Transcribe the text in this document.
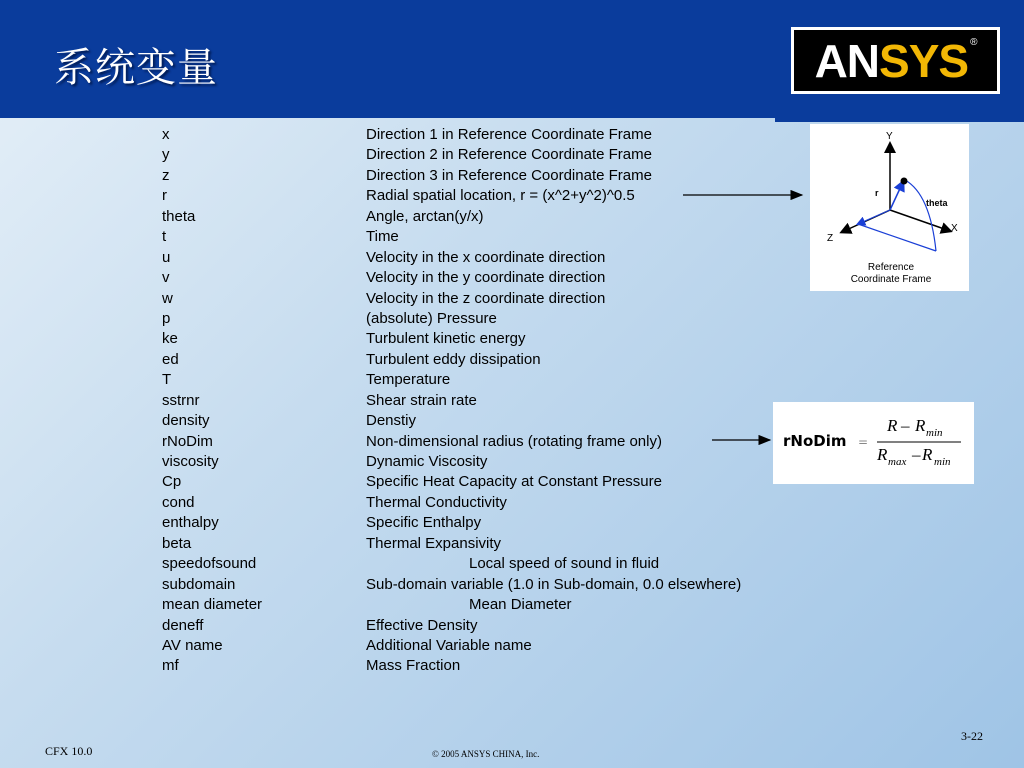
系统变量	ANSYS ®
x	Direction 1 in Reference Coordinate Frame
y	Direction 2 in Reference Coordinate Frame
z	Direction 3 in Reference Coordinate Frame
r	Radial spatial location, r = (x^2+y^2)^0.5
theta	Angle, arctan(y/x)
t	Time
u	Velocity in the x coordinate direction
v	Velocity in the y coordinate direction
w	Velocity in the z coordinate direction
p	(absolute) Pressure
ke	Turbulent kinetic energy
ed	Turbulent eddy dissipation
T	Temperature
sstrnr	Shear strain rate
density	Denstiy
rNoDim	Non-dimensional radius (rotating frame only)
viscosity	Dynamic Viscosity
Cp	Specific Heat Capacity at Constant Pressure
cond	Thermal Conductivity
enthalpy	Specific Enthalpy
beta	Thermal Expansivity
speedofsound	Local speed of sound in fluid
subdomain	Sub-domain variable (1.0 in Sub-domain, 0.0 elsewhere)
mean diameter	Mean Diameter
deneff	Effective Density
AV name	Additional Variable name
mf	Mass Fraction
Y
X
Z
r
theta
Reference
Coordinate Frame
rNoDim =
R – R min
R max – R min
CFX 10.0	© 2005 ANSYS CHINA, Inc.
3-22
